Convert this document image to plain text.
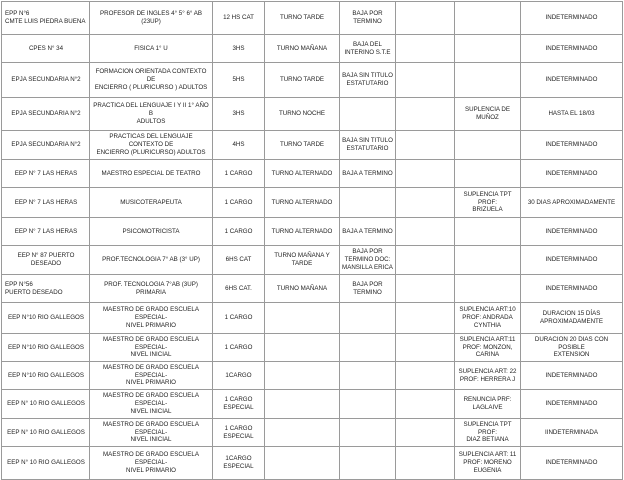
EPP N°6
CMTE LUIS PIEDRA BUENA	PROFESOR DE INGLES 4° 5° 6° AB (23UP)	12 HS CAT	TURNO TARDE	BAJA POR
TERMINO			INDETERMINADO
CPES N° 34	FISICA 1° U	3HS	TURNO MAÑANA	BAJA DEL
INTERINO S.T.E			INDETERMINADO
EPJA SECUNDARIA N°2	FORMACION ORIENTADA CONTEXTO DE
ENCIERRO ( PLURICURSO ) ADULTOS	5HS	TURNO TARDE	BAJA SIN TITULO
ESTATUTARIO			INDETERMINADO
EPJA SECUNDARIA N°2	PRACTICA DEL LENGUAJE I Y II 1° AÑO B
ADULTOS	3HS	TURNO NOCHE			SUPLENCIA DE MUÑOZ	HASTA EL 18/03
EPJA SECUNDARIA N°2	PRACTICAS DEL LENGUAJE CONTEXTO DE
ENCIERRO (PLURICURSO) ADULTOS	4HS	TURNO TARDE	BAJA SIN TITULO
ESTATUTARIO			INDETERMINADO
EEP N° 7 LAS HERAS	MAESTRO ESPECIAL DE TEATRO	1 CARGO	TURNO ALTERNADO	BAJA A TERMINO			INDETERMINADO
EEP N° 7 LAS HERAS	MUSICOTERAPEUTA	1 CARGO	TURNO ALTERNADO			SUPLENCIA TPT PROF:
BRIZUELA	30 DIAS APROXIMADAMENTE
EEP N° 7 LAS HERAS	PSICOMOTRICISTA	1 CARGO	TURNO ALTERNADO	BAJA A TERMINO			INDETERMINADO
EEP N° 87 PUERTO DESEADO	PROF.TECNOLOGIA 7° AB (3° UP)	6HS CAT	TURNO MAÑANA Y TARDE	BAJA POR
TERMINO DOC:
MANSILLA ERICA			INDETERMINADO
EPP N°56
PUERTO DESEADO	PROF. TECNOLOGIA 7°AB (3UP) PRIMARIA	6HS CAT.	TURNO MAÑANA	BAJA POR
TERMINO			INDETERMINADO
EEP N°10 RIO GALLEGOS	MAESTRO DE GRADO ESCUELA ESPECIAL-
NIVEL PRIMARIO	1 CARGO				SUPLENCIA ART:10
PROF: ANDRADA
CYNTHIA	DURACION 15 DÍAS
APROXIMADAMENTE
EEP N°10 RIO GALLEGOS	MAESTRO DE GRADO ESCUELA ESPECIAL-
NIVEL INICIAL	1 CARGO				SUPLENCIA ART:11
PROF: MONZON,
CARINA	DURACION 20 DIAS CON POSIBLE
EXTENSION
EEP N°10 RIO GALLEGOS	MAESTRO DE GRADO ESCUELA ESPECIAL-
NIVEL PRIMARIO	1CARGO				SUPLENCIA ART: 22
PROF: HERRERA J	INDETERMINADO
EEP N° 10 RIO GALLEGOS	MAESTRO DE GRADO ESCUELA ESPECIAL-
NIVEL INICIAL	1 CARGO
ESPECIAL				RENUNCIA PRF:
LAGLAIVE	INDETERMINADO
EEP N° 10 RIO GALLEGOS	MAESTRO DE GRADO ESCUELA ESPECIAL-
NIVEL INICIAL	1 CARGO
ESPECIAL				SUPLENCIA TPT PROF:
DIAZ BETIANA	IINDETERMINADA
EEP N° 10 RIO GALLEGOS	MAESTRO DE GRADO ESCUELA ESPECIAL-
NIVEL PRIMARIO	1CARGO
ESPECIAL				SUPLENCIA ART: 11
PROF: MORENO
EUGENIA	INDETERMINADO
